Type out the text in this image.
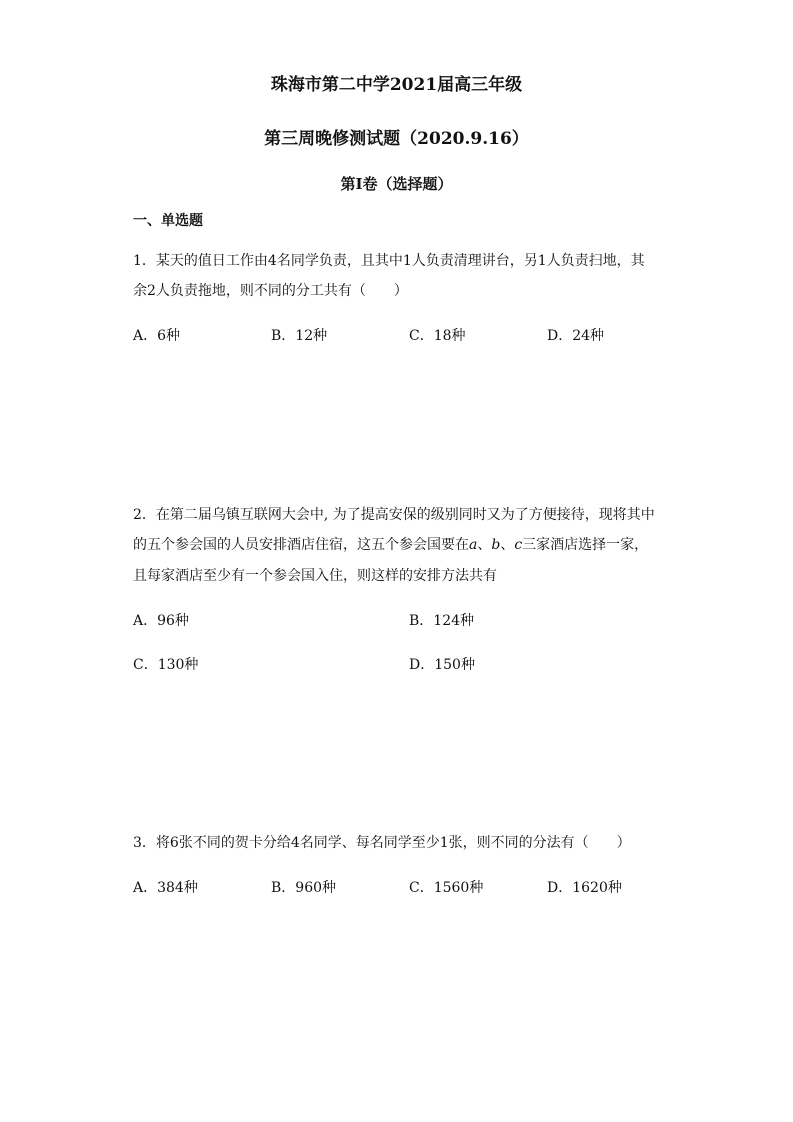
珠海市第二中学2021届高三年级
第三周晚修测试题（2020.9.16）
第I卷（选择题）
一、单选题
1．某天的值日工作由4名同学负责，且其中1人负责清理讲台，另1人负责扫地，其
余2人负责拖地，则不同的分工共有（　　）
A．6种	B．12种	C．18种	D．24种
2．在第二届乌镇互联网大会中, 为了提高安保的级别同时又为了方便接待，现将其中
的五个参会国的人员安排酒店住宿，这五个参会国要在a、b、c三家酒店选择一家，
且每家酒店至少有一个参会国入住，则这样的安排方法共有
A．96种	B．124种
C．130种	D．150种
3．将6张不同的贺卡分给4名同学、每名同学至少1张，则不同的分法有（　　）
A．384种	B．960种	C．1560种	D．1620种
